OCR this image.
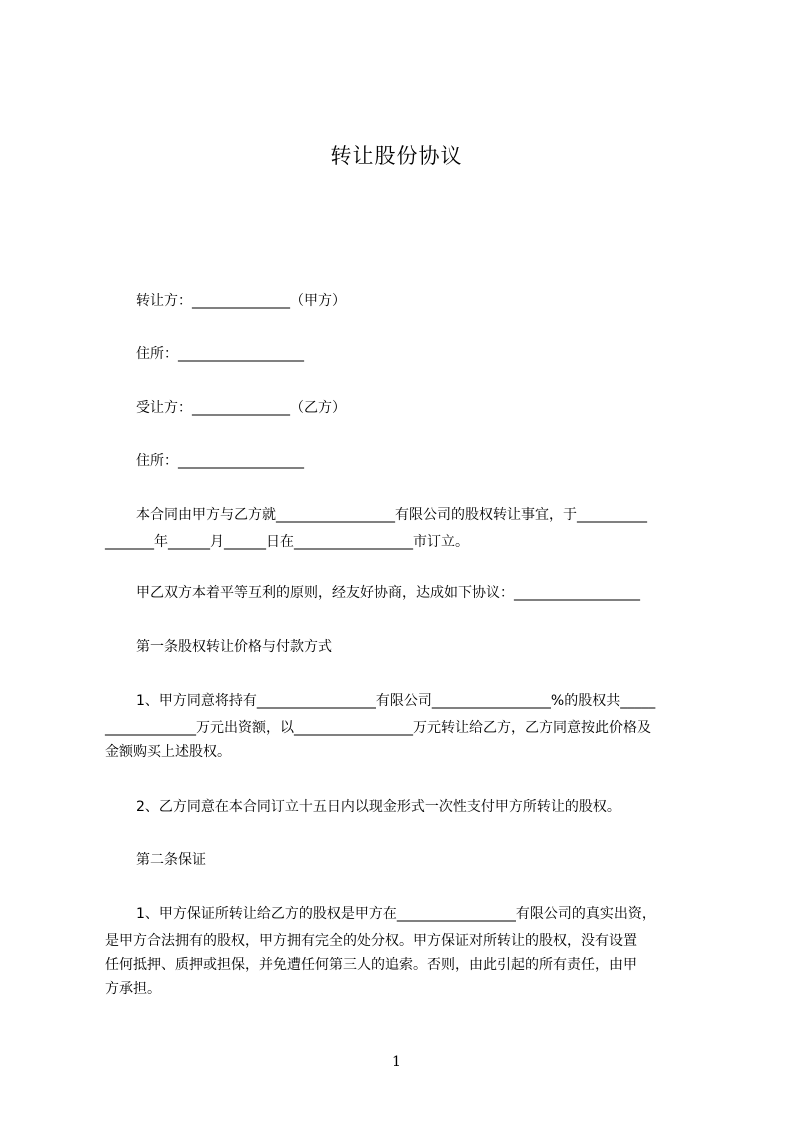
转让股份协议
转让方：______________（甲方）
住所：__________________
受让方：______________（乙方）
住所：__________________
本合同由甲方与乙方就_________________有限公司的股权转让事宜，于__________
_______年______月______日在_________________市订立。
甲乙双方本着平等互利的原则，经友好协商，达成如下协议：__________________
第一条股权转让价格与付款方式
1、甲方同意将持有_________________有限公司_________________%的股权共_____
_____________万元出资额，以_________________万元转让给乙方，乙方同意按此价格及
金额购买上述股权。
2、乙方同意在本合同订立十五日内以现金形式一次性支付甲方所转让的股权。
第二条保证
1、甲方保证所转让给乙方的股权是甲方在_________________有限公司的真实出资，
是甲方合法拥有的股权，甲方拥有完全的处分权。甲方保证对所转让的股权，没有设置
任何抵押、质押或担保，并免遭任何第三人的追索。否则，由此引起的所有责任，由甲
方承担。
1
